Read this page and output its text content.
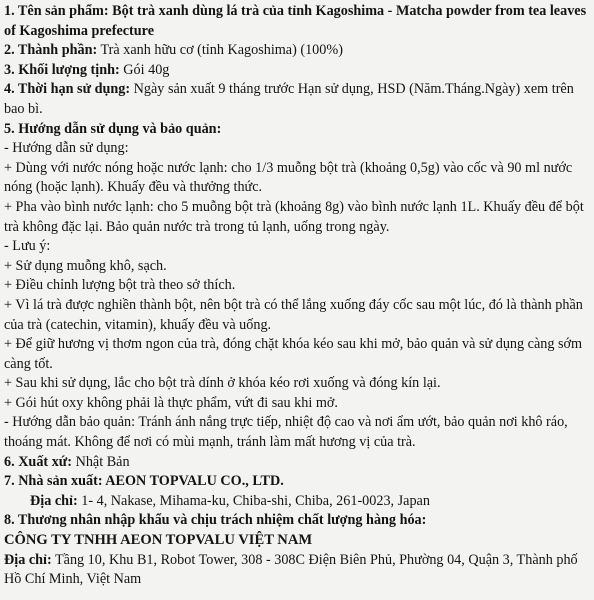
1. Tên sản phẩm: Bột trà xanh dùng lá trà của tỉnh Kagoshima - Matcha powder from tea leaves of Kagoshima prefecture

2. Thành phần: Trà xanh hữu cơ (tỉnh Kagoshima) (100%)

3. Khối lượng tịnh: Gói 40g

4. Thời hạn sử dụng: Ngày sản xuất 9 tháng trước Hạn sử dụng, HSD (Năm.Tháng.Ngày) xem trên bao bì.

5. Hướng dẫn sử dụng và bảo quản:

- Hướng dẫn sử dụng:

+ Dùng với nước nóng hoặc nước lạnh: cho 1/3 muỗng bột trà (khoảng 0,5g) vào cốc và 90 ml nước nóng (hoặc lạnh). Khuấy đều và thưởng thức.

+ Pha vào bình nước lạnh: cho 5 muỗng bột trà (khoảng 8g) vào bình nước lạnh 1L. Khuấy đều để bột trà không đặc lại. Bảo quản nước trà trong tủ lạnh, uống trong ngày.

- Lưu ý:

+ Sử dụng muỗng khô, sạch.

+ Điều chỉnh lượng bột trà theo sở thích.

+ Vì lá trà được nghiền thành bột, nên bột trà có thể lắng xuống đáy cốc sau một lúc, đó là thành phần của trà (catechin, vitamin), khuấy đều và uống.

+ Để giữ hương vị thơm ngon của trà, đóng chặt khóa kéo sau khi mở, bảo quản và sử dụng càng sớm càng tốt.

+ Sau khi sử dụng, lắc cho bột trà dính ở khóa kéo rơi xuống và đóng kín lại.

+ Gói hút oxy không phải là thực phẩm, vứt đi sau khi mở.

- Hướng dẫn bảo quản: Tránh ánh nắng trực tiếp, nhiệt độ cao và nơi ẩm ướt, bảo quản nơi khô ráo, thoáng mát. Không để nơi có mùi mạnh, tránh làm mất hương vị của trà.

6. Xuất xứ: Nhật Bản

7. Nhà sản xuất: AEON TOPVALU CO., LTD.

Địa chỉ: 1- 4, Nakase, Mihama-ku, Chiba-shi, Chiba, 261-0023, Japan

8. Thương nhân nhập khẩu và chịu trách nhiệm chất lượng hàng hóa:

CÔNG TY TNHH AEON TOPVALU VIỆT NAM

Địa chỉ: Tầng 10, Khu B1, Robot Tower, 308 - 308C Điện Biên Phủ, Phường 04, Quận 3, Thành phố Hồ Chí Minh, Việt Nam
